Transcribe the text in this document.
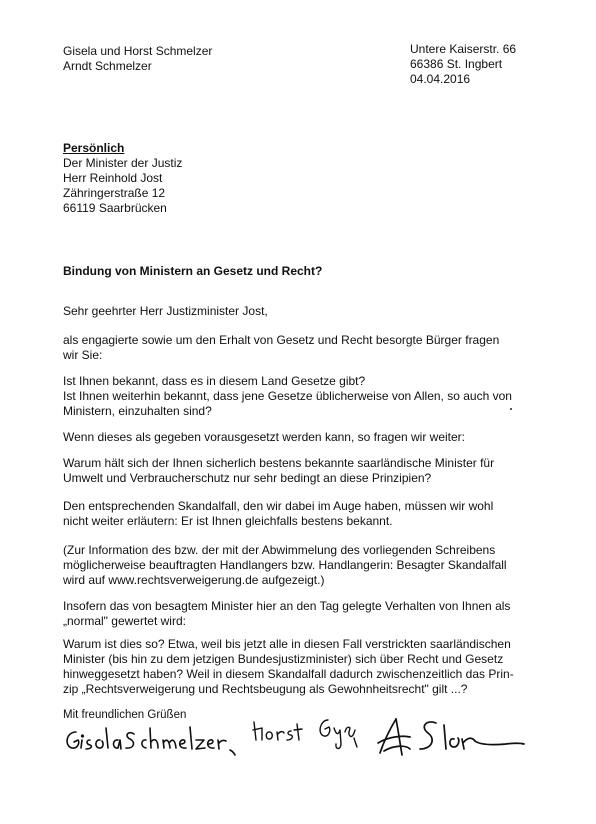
Gisela und Horst Schmelzer
Arndt Schmelzer
Untere Kaiserstr. 66
66386 St. Ingbert
04.04.2016
Persönlich
Der Minister der Justiz
Herr Reinhold Jost
Zähringerstraße 12
66119 Saarbrücken
Bindung von Ministern an Gesetz und Recht?
Sehr geehrter Herr Justizminister Jost,
als engagierte sowie um den Erhalt von Gesetz und Recht besorgte Bürger fragen
wir Sie:
Ist Ihnen bekannt, dass es in diesem Land Gesetze gibt?
Ist Ihnen weiterhin bekannt, dass jene Gesetze üblicherweise von Allen, so auch von
Ministern, einzuhalten sind?
Wenn dieses als gegeben vorausgesetzt werden kann, so fragen wir weiter:
Warum hält sich der Ihnen sicherlich bestens bekannte saarländische Minister für
Umwelt und Verbraucherschutz nur sehr bedingt an diese Prinzipien?
Den entsprechenden Skandalfall, den wir dabei im Auge haben, müssen wir wohl
nicht weiter erläutern: Er ist Ihnen gleichfalls bestens bekannt.
(Zur Information des bzw. der mit der Abwimmelung des vorliegenden Schreibens
möglicherweise beauftragten Handlangers bzw. Handlangerin: Besagter Skandalfall
wird auf www.rechtsverweigerung.de aufgezeigt.)
Insofern das von besagtem Minister hier an den Tag gelegte Verhalten von Ihnen als
„normal" gewertet wird:
Warum ist dies so? Etwa, weil bis jetzt alle in diesen Fall verstrickten saarländischen
Minister (bis hin zu dem jetzigen Bundesjustizminister) sich über Recht und Gesetz
hinweggesetzt haben? Weil in diesem Skandalfall dadurch zwischenzeitlich das Prin-
zip „Rechtsverweigerung und Rechtsbeugung als Gewohnheitsrecht" gilt ...?
Mit freundlichen Grüßen
